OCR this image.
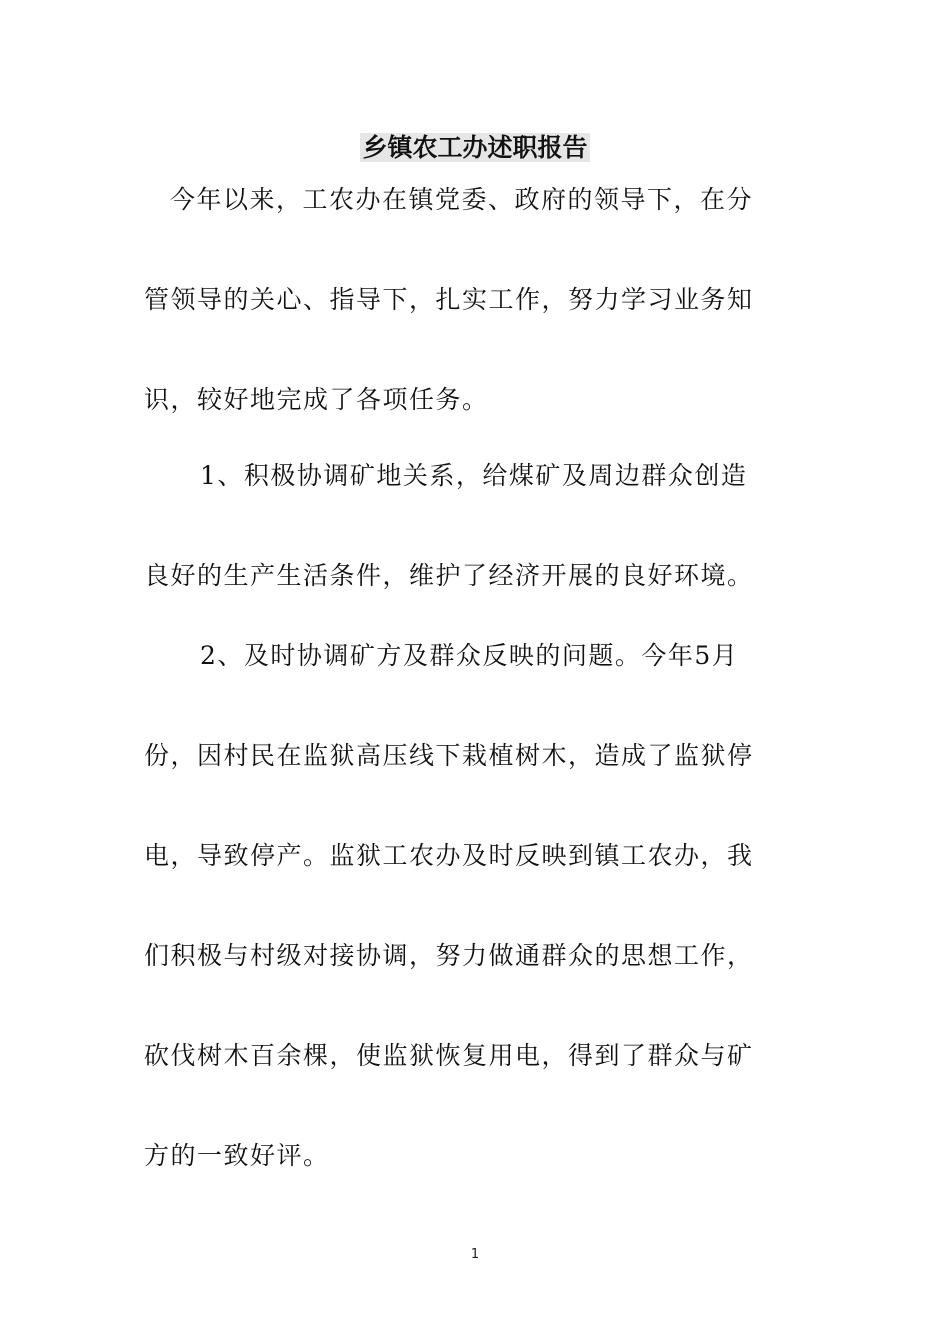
乡镇农工办述职报告

今年以来，工农办在镇党委、政府的领导下，在分

管领导的关心、指导下，扎实工作，努力学习业务知

识，较好地完成了各项任务。

1、积极协调矿地关系，给煤矿及周边群众创造

良好的生产生活条件，维护了经济开展的良好环境。

2、及时协调矿方及群众反映的问题。今年5月

份，因村民在监狱高压线下栽植树木，造成了监狱停

电，导致停产。监狱工农办及时反映到镇工农办，我

们积极与村级对接协调，努力做通群众的思想工作，

砍伐树木百余棵，使监狱恢复用电，得到了群众与矿

方的一致好评。

1
